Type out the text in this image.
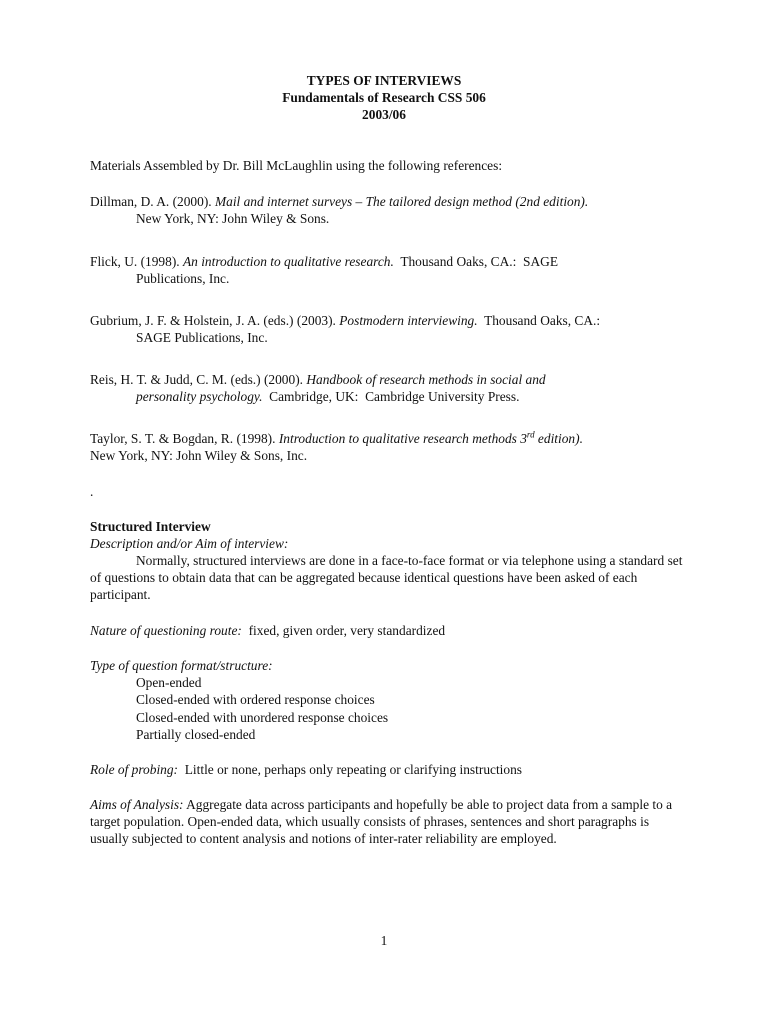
TYPES OF INTERVIEWS
Fundamentals of Research CSS 506
2003/06

Materials Assembled by Dr. Bill McLaughlin using the following references:

Dillman, D. A. (2000). Mail and internet surveys – The tailored design method (2nd edition).
New York, NY: John Wiley & Sons.

Flick, U. (1998). An introduction to qualitative research.  Thousand Oaks, CA.:  SAGE
Publications, Inc.

Gubrium, J. F. & Holstein, J. A. (eds.) (2003). Postmodern interviewing.  Thousand Oaks, CA.:
SAGE Publications, Inc.

Reis, H. T. & Judd, C. M. (eds.) (2000). Handbook of research methods in social and
personality psychology.  Cambridge, UK:  Cambridge University Press.

Taylor, S. T. & Bogdan, R. (1998). Introduction to qualitative research methods 3rd edition).
New York, NY: John Wiley & Sons, Inc.

.

Structured Interview

Description and/or Aim of interview:

Normally, structured interviews are done in a face-to-face format or via telephone using a standard set of questions to obtain data that can be aggregated because identical questions have been asked of each participant.

Nature of questioning route:  fixed, given order, very standardized

Type of question format/structure:
Open-ended
Closed-ended with ordered response choices
Closed-ended with unordered response choices
Partially closed-ended

Role of probing:  Little or none, perhaps only repeating or clarifying instructions

Aims of Analysis: Aggregate data across participants and hopefully be able to project data from a sample to a target population. Open-ended data, which usually consists of phrases, sentences and short paragraphs is usually subjected to content analysis and notions of inter-rater reliability are employed.

1
